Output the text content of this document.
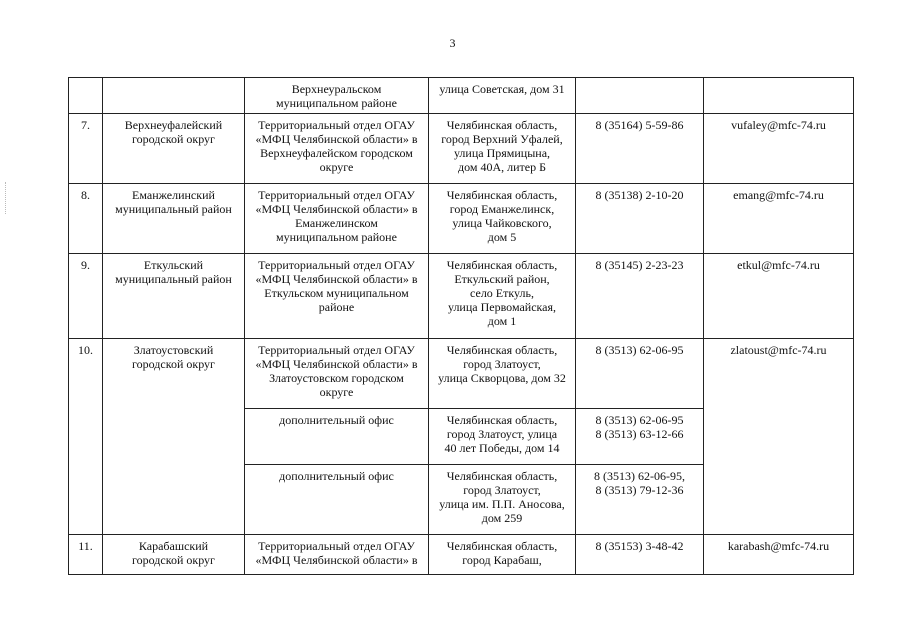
3

		Верхнеуральском
муниципальном районе	улица Советская, дом 31		

7.	Верхнеуфалейский
городской округ	Территориальный отдел ОГАУ
«МФЦ Челябинской области» в
Верхнеуфалейском городском
округе	Челябинская область,
город Верхний Уфалей,
улица Прямицына,
дом 40А, литер Б	8 (35164) 5-59-86	vufaley@mfc-74.ru

8.	Еманжелинский
муниципальный район	Территориальный отдел ОГАУ
«МФЦ Челябинской области» в
Еманжелинском
муниципальном районе	Челябинская область,
город Еманжелинск,
улица Чайковского,
дом 5	8 (35138) 2-10-20	emang@mfc-74.ru

9.	Еткульский
муниципальный район	Территориальный отдел ОГАУ
«МФЦ Челябинской области» в
Еткульском муниципальном
районе	Челябинская область,
Еткульский район,
село Еткуль,
улица Первомайская,
дом 1	8 (35145) 2-23-23	etkul@mfc-74.ru

10.	Златоустовский
городской округ	Территориальный отдел ОГАУ
«МФЦ Челябинской области» в
Златоустовском городском
округе	Челябинская область,
город Златоуст,
улица Скворцова, дом 32	8 (3513) 62-06-95	zlatoust@mfc-74.ru

		дополнительный офис	Челябинская область,
город Златоуст, улица
40 лет Победы, дом 14	8 (3513) 62-06-95
8 (3513) 63-12-66	

		дополнительный офис	Челябинская область,
город Златоуст,
улица им. П.П. Аносова,
дом 259	8 (3513) 62-06-95,
8 (3513) 79-12-36	

11.	Карабашский
городской округ	Территориальный отдел ОГАУ
«МФЦ Челябинской области» в	Челябинская область,
город Карабаш,	8 (35153) 3-48-42	karabash@mfc-74.ru
